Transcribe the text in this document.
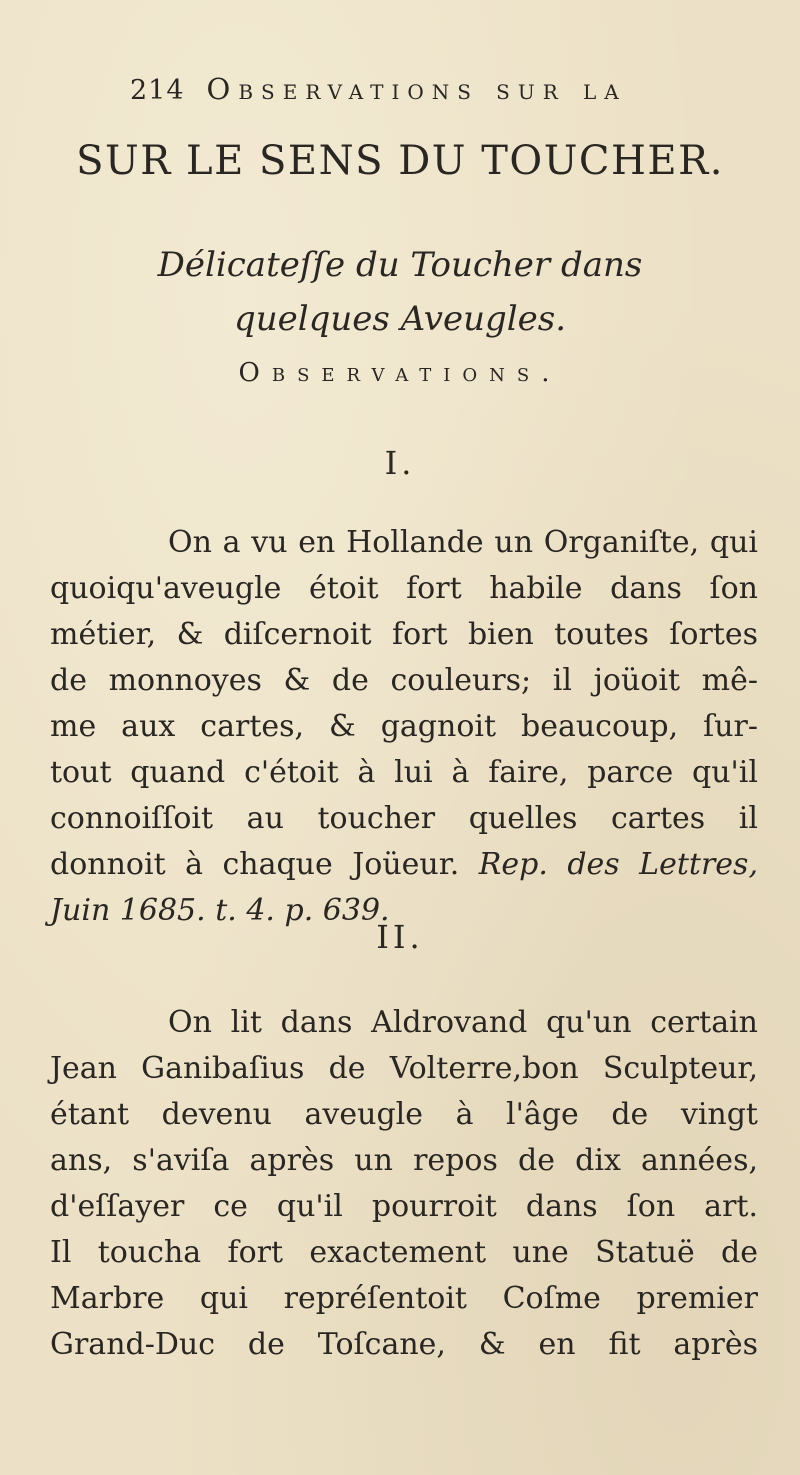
214 Observations sur la
SUR LE SENS DU TOUCHER.
Délicateſſe du Toucher dans
quelques Aveugles.
Observations.
I.
On a vu en Hollande un Organiſte, qui
quoiqu'aveugle étoit fort habile dans ſon
métier, & diſcernoit fort bien toutes ſortes
de monnoyes & de couleurs; il joüoit mê-
me aux cartes, & gagnoit beaucoup, ſur-
tout quand c'étoit à lui à faire, parce qu'il
connoiſſoit au toucher quelles cartes il
donnoit à chaque Joüeur. Rep. des Lettres,
Juin 1685. t. 4. p. 639.
II.
On lit dans Aldrovand qu'un certain
Jean Ganibaſius de Volterre,bon Sculpteur,
étant devenu aveugle à l'âge de vingt
ans, s'aviſa après un repos de dix années,
d'eſſayer ce qu'il pourroit dans ſon art.
Il toucha fort exactement une Statuë de
Marbre qui repréſentoit Coſme premier
Grand-Duc de Toſcane, & en fit après
